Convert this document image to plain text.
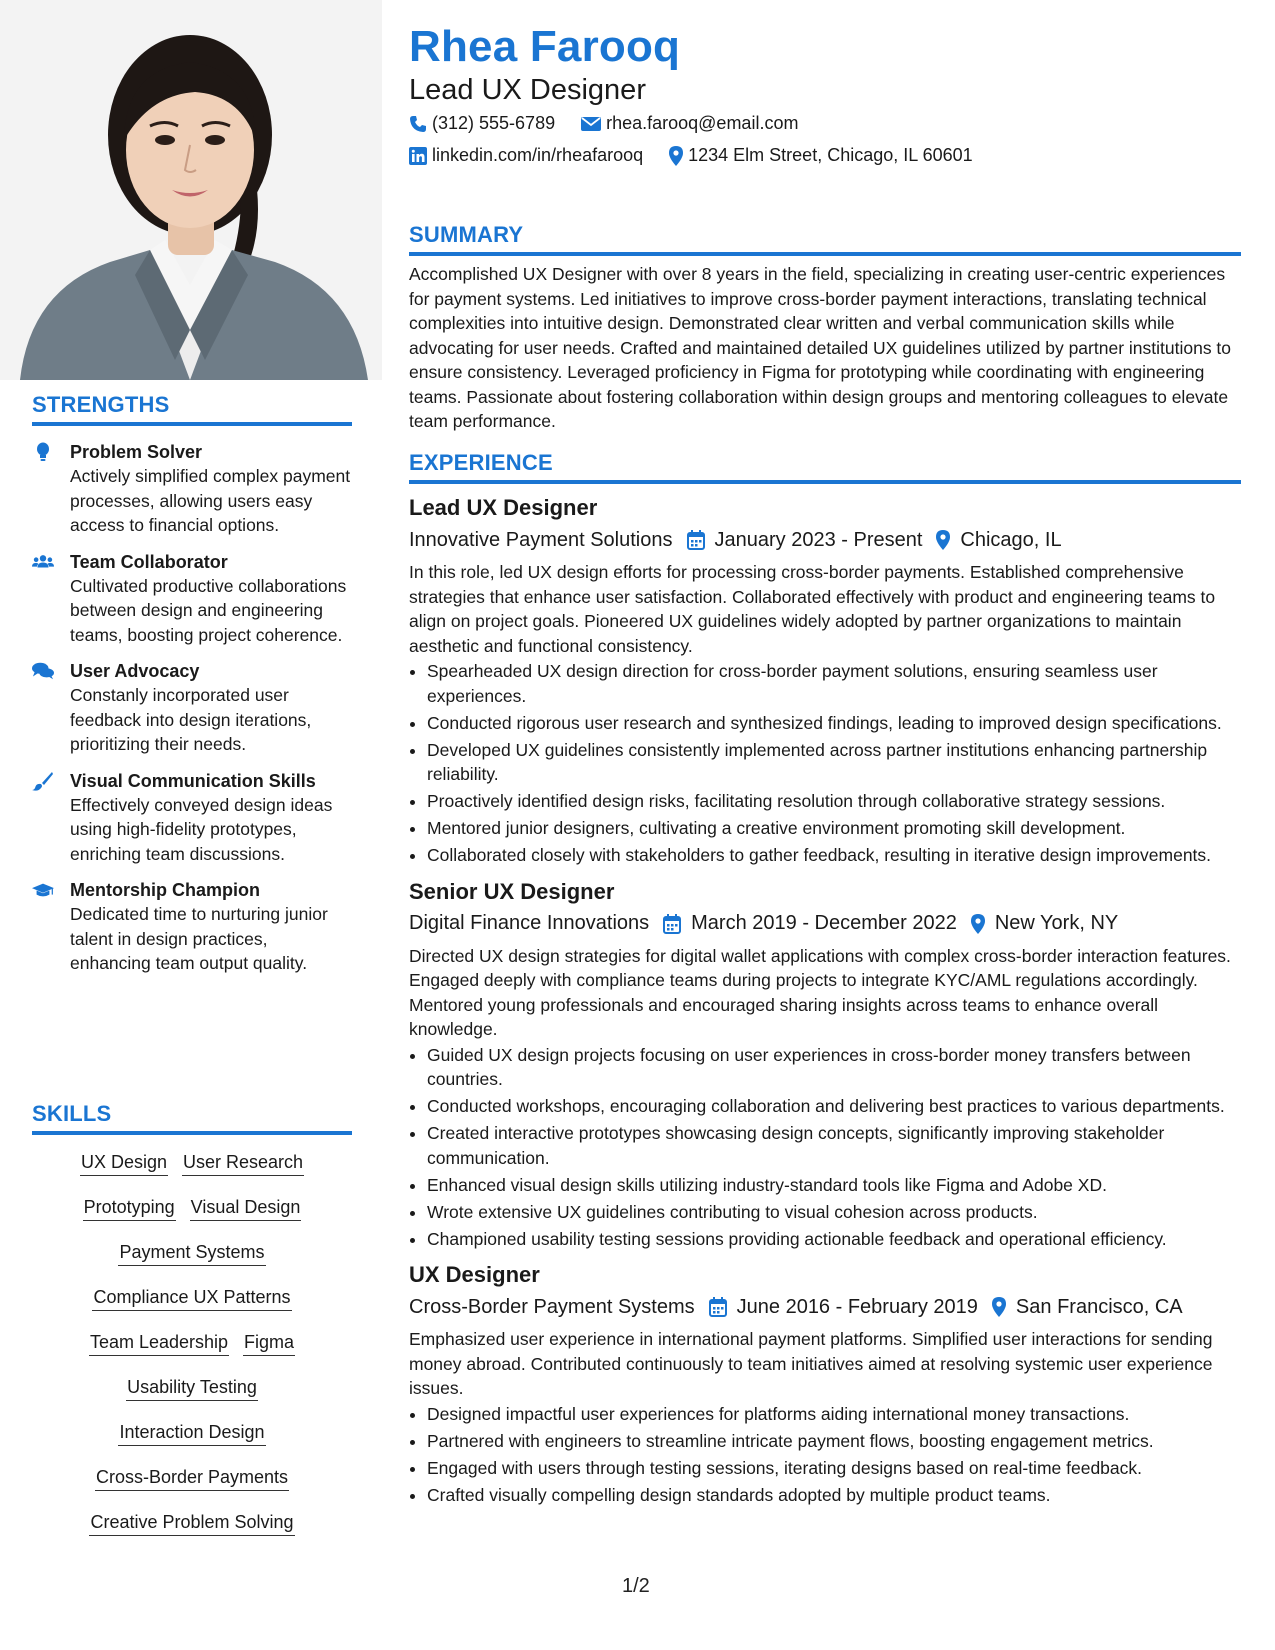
STRENGTHS
Problem Solver
Actively simplified complex payment processes, allowing users easy access to financial options.
Team Collaborator
Cultivated productive collaborations between design and engineering teams, boosting project coherence.
User Advocacy
Constanly incorporated user feedback into design iterations, prioritizing their needs.
Visual Communication Skills
Effectively conveyed design ideas using high-fidelity prototypes, enriching team discussions.
Mentorship Champion
Dedicated time to nurturing junior talent in design practices, enhancing team output quality.
SKILLS
UX Design User Research
Prototyping Visual Design
Payment Systems
Compliance UX Patterns
Team Leadership Figma
Usability Testing
Interaction Design
Cross-Border Payments
Creative Problem Solving
Rhea Farooq
Lead UX Designer
(312) 555-6789	rhea.farooq@email.com
linkedin.com/in/rheafarooq	1234 Elm Street, Chicago, IL 60601
SUMMARY

Accomplished UX Designer with over 8 years in the field, specializing in creating user-centric experiences for payment systems. Led initiatives to improve cross-border payment interactions, translating technical complexities into intuitive design. Demonstrated clear written and verbal communication skills while advocating for user needs. Crafted and maintained detailed UX guidelines utilized by partner institutions to ensure consistency. Leveraged proficiency in Figma for prototyping while coordinating with engineering teams. Passionate about fostering collaboration within design groups and mentoring colleagues to elevate team performance.

EXPERIENCE
Lead UX Designer
Innovative Payment Solutions January 2023 - Present Chicago, IL

In this role, led UX design efforts for processing cross-border payments. Established comprehensive strategies that enhance user satisfaction. Collaborated effectively with product and engineering teams to align on project goals. Pioneered UX guidelines widely adopted by partner organizations to maintain aesthetic and functional consistency.

• Spearheaded UX design direction for cross-border payment solutions, ensuring seamless user experiences.
• Conducted rigorous user research and synthesized findings, leading to improved design specifications.
• Developed UX guidelines consistently implemented across partner institutions enhancing partnership reliability.
• Proactively identified design risks, facilitating resolution through collaborative strategy sessions.
• Mentored junior designers, cultivating a creative environment promoting skill development.
• Collaborated closely with stakeholders to gather feedback, resulting in iterative design improvements.
Senior UX Designer
Digital Finance Innovations March 2019 - December 2022 New York, NY

Directed UX design strategies for digital wallet applications with complex cross-border interaction features. Engaged deeply with compliance teams during projects to integrate KYC/AML regulations accordingly. Mentored young professionals and encouraged sharing insights across teams to enhance overall knowledge.

• Guided UX design projects focusing on user experiences in cross-border money transfers between countries.
• Conducted workshops, encouraging collaboration and delivering best practices to various departments.
• Created interactive prototypes showcasing design concepts, significantly improving stakeholder communication.
• Enhanced visual design skills utilizing industry-standard tools like Figma and Adobe XD.
• Wrote extensive UX guidelines contributing to visual cohesion across products.
• Championed usability testing sessions providing actionable feedback and operational efficiency.
UX Designer
Cross-Border Payment Systems June 2016 - February 2019 San Francisco, CA

Emphasized user experience in international payment platforms. Simplified user interactions for sending money abroad. Contributed continuously to team initiatives aimed at resolving systemic user experience issues.

• Designed impactful user experiences for platforms aiding international money transactions.
• Partnered with engineers to streamline intricate payment flows, boosting engagement metrics.
• Engaged with users through testing sessions, iterating designs based on real-time feedback.
• Crafted visually compelling design standards adopted by multiple product teams.
1/2
